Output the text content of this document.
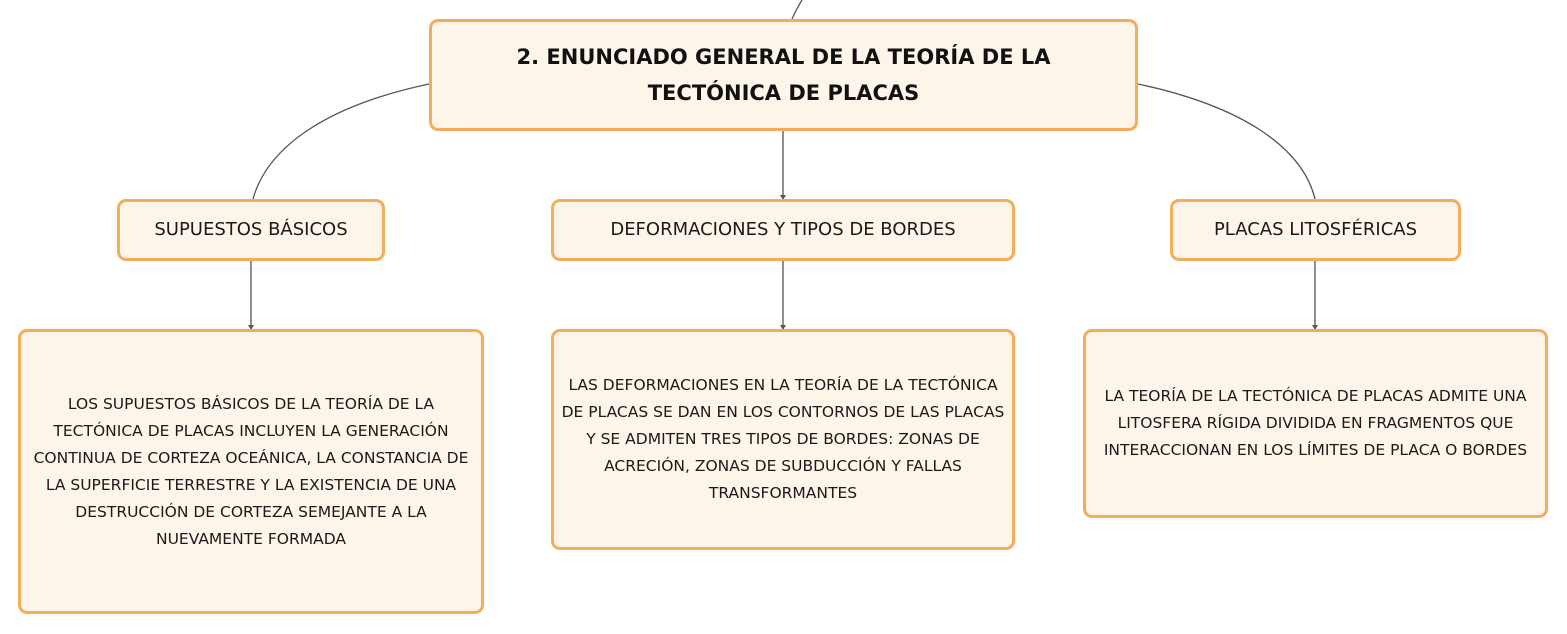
2. ENUNCIADO GENERAL DE LA TEORÍA DE LA TECTÓNICA DE PLACAS
SUPUESTOS BÁSICOS	DEFORMACIONES Y TIPOS DE BORDES	PLACAS LITOSFÉRICAS
LOS SUPUESTOS BÁSICOS DE LA TEORÍA DE LA TECTÓNICA DE PLACAS INCLUYEN LA GENERACIÓN CONTINUA DE CORTEZA OCEÁNICA, LA CONSTANCIA DE LA SUPERFICIE TERRESTRE Y LA EXISTENCIA DE UNA DESTRUCCIÓN DE CORTEZA SEMEJANTE A LA NUEVAMENTE FORMADA
LAS DEFORMACIONES EN LA TEORÍA DE LA TECTÓNICA DE PLACAS SE DAN EN LOS CONTORNOS DE LAS PLACAS Y SE ADMITEN TRES TIPOS DE BORDES: ZONAS DE ACRECIÓN, ZONAS DE SUBDUCCIÓN Y FALLAS TRANSFORMANTES
LA TEORÍA DE LA TECTÓNICA DE PLACAS ADMITE UNA LITOSFERA RÍGIDA DIVIDIDA EN FRAGMENTOS QUE INTERACCIONAN EN LOS LÍMITES DE PLACA O BORDES
